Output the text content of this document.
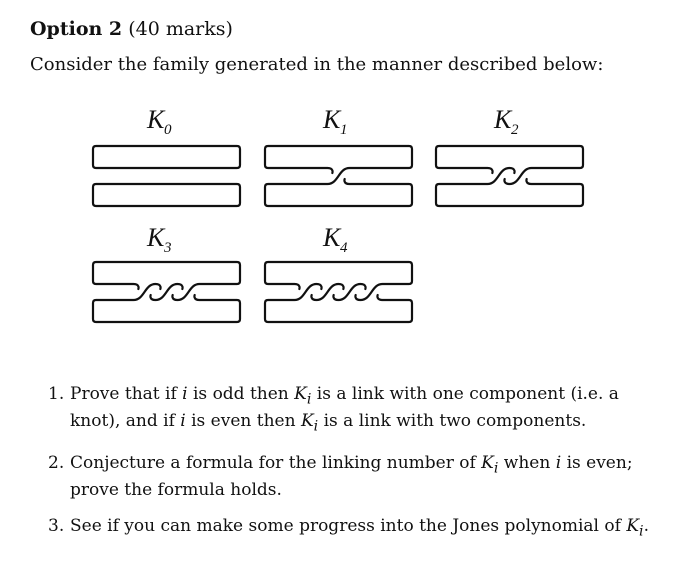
Option 2 (40 marks)
Consider the family generated in the manner described below:
K 0	K 1	K 2
K 3	K 4
1. Prove that if i is odd then $K_i$ is a link with one component (i.e. a knot), and if i is even then $K_i$ is a link with two components.
2. Conjecture a formula for the linking number of $K_i$ when i is even; prove the formula holds.
3. See if you can make some progress into the Jones polynomial of $K_i$.
